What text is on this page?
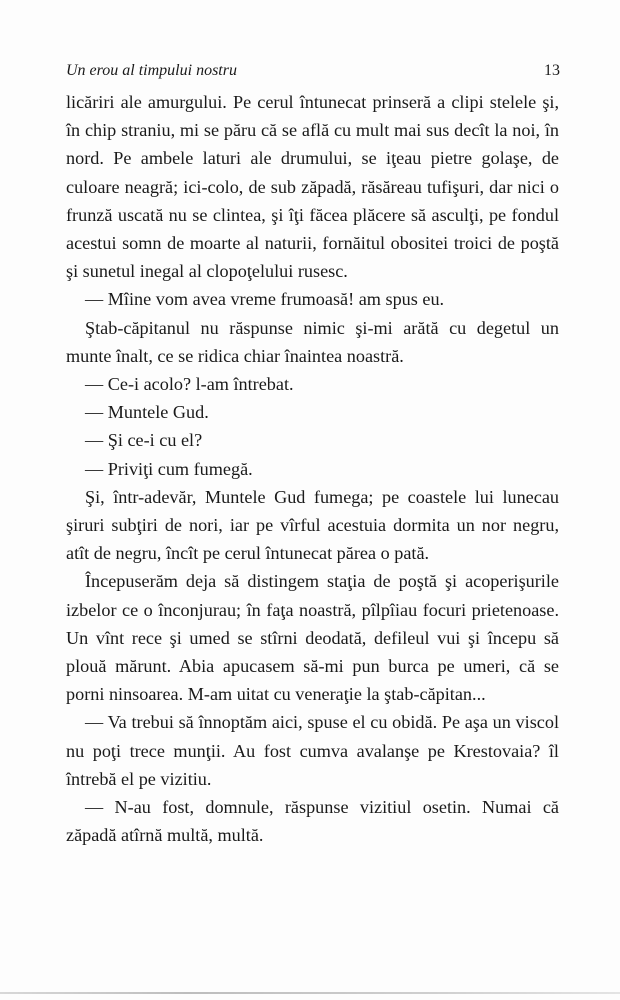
Un erou al timpului nostru	13

licăriri ale amurgului. Pe cerul întunecat prinseră a clipi stelele şi, în chip straniu, mi se păru că se află cu mult mai sus decît la noi, în nord. Pe ambele laturi ale drumului, se iţeau pietre golaşe, de culoare neagră; ici-colo, de sub zăpadă, răsăreau tufişuri, dar nici o frunză uscată nu se clintea, şi îţi făcea plăcere să asculţi, pe fondul acestui somn de moarte al naturii, fornăitul obositei troici de poştă şi sunetul inegal al clopoţelului rusesc.

— Mîine vom avea vreme frumoasă! am spus eu.

Ştab-căpitanul nu răspunse nimic şi-mi arătă cu degetul un munte înalt, ce se ridica chiar înaintea noastră.

— Ce-i acolo? l-am întrebat.

— Muntele Gud.

— Şi ce-i cu el?

— Priviţi cum fumegă.

Şi, într-adevăr, Muntele Gud fumega; pe coastele lui lunecau şiruri subţiri de nori, iar pe vîrful acestuia dormita un nor negru, atît de negru, încît pe cerul întunecat părea o pată.

Începuserăm deja să distingem staţia de poştă şi acoperişurile izbelor ce o înconjurau; în faţa noastră, pîlpîiau focuri prietenoase. Un vînt rece şi umed se stîrni deodată, defileul vui şi începu să plouă mărunt. Abia apucasem să-mi pun burca pe umeri, că se porni ninsoarea. M-am uitat cu veneraţie la ştab-căpitan...

— Va trebui să înnoptăm aici, spuse el cu obidă. Pe aşa un viscol nu poţi trece munţii. Au fost cumva avalanşe pe Krestovaia? îl întrebă el pe vizitiu.

— N-au fost, domnule, răspunse vizitiul osetin. Numai că zăpadă atîrnă multă, multă.
